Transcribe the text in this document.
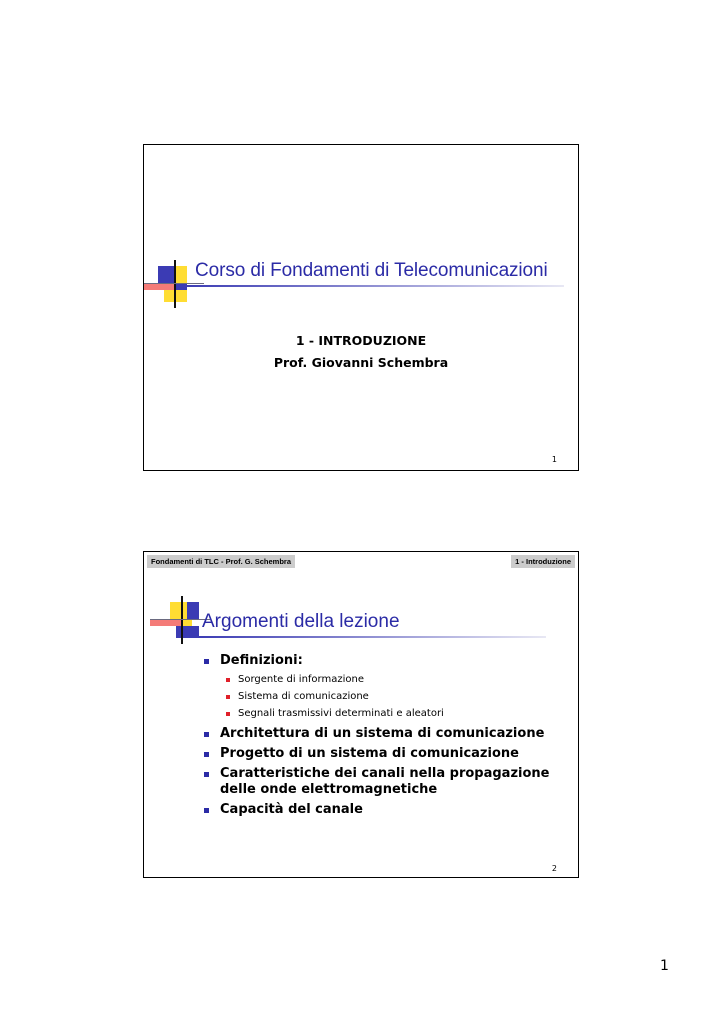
Corso di Fondamenti di Telecomunicazioni
1 - INTRODUZIONE
Prof. Giovanni Schembra
1
Fondamenti di TLC - Prof. G. Schembra	1 - Introduzione
Argomenti della lezione
Definizioni:
Sorgente di informazione
Sistema di comunicazione
Segnali trasmissivi determinati e aleatori
Architettura di un sistema di comunicazione
Progetto di un sistema di comunicazione
Caratteristiche dei canali nella propagazione delle onde elettromagnetiche
Capacità del canale
2
1
